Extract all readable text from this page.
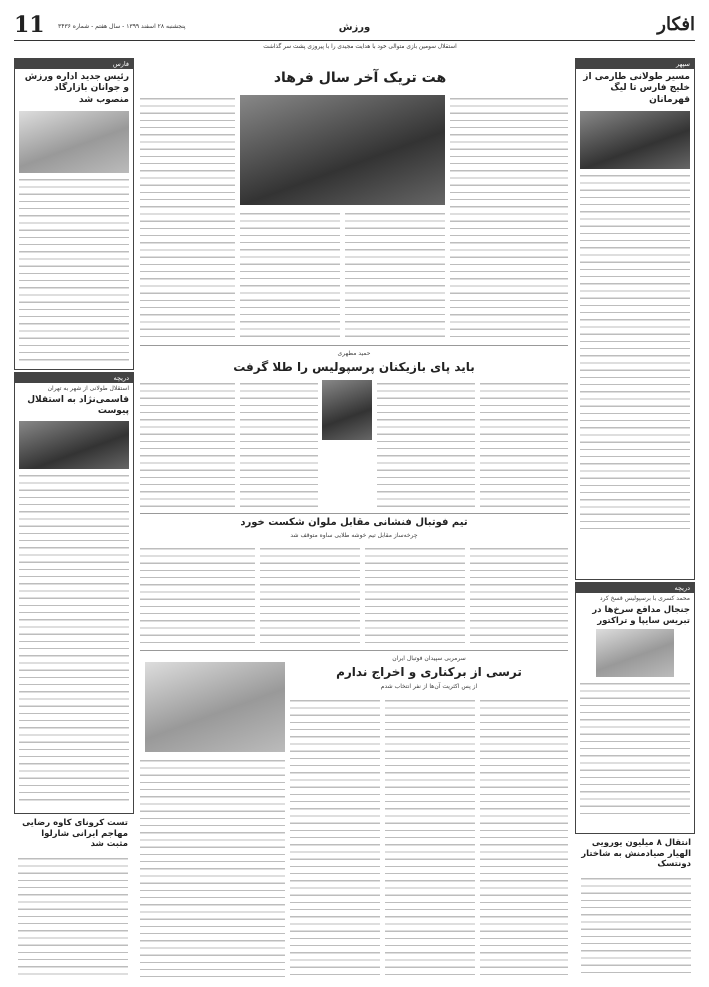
افکار
ورزش
پنجشنبه ۲۸ اسفند ۱۳۹۹ - سال هفتم - شماره ۳۴۳۶
11
استقلال سومین بازی متوالی خود با هدایت مجیدی را با پیروزی پشت سر گذاشت
سپهر
مسیر طولانی طارمی از خلیج فارس تا لیگ قهرمانان
دریچه
محمد کسری با برسپولیس قسخ کرد
جنجال مدافع سرخ‌ها در تبریس سایپا و تراکتور
انتقال ۸ میلیون یورویی الهیار صیادمنش به شاختار دونتسک
فارس
رئیس جدید اداره ورزش و جوانان بازارگاد منصوب شد
دریچه
استقلال طولانی از شهر به تهران
قاسمی‌نژاد به استقلال پیوست
تست کرونای کاوه رضایی مهاجم ایرانی شارلوا مثبت شد
هت تریک آخر سال فرهاد
حمید مطهری
باید پای بازیکنان پرسپولیس را طلا گرفت
تیم فوتبال فنشانی مقابل ملوان شکست خورد
چرخه‌ساز مقابل تیم خوشه طلایی ساوه متوقف شد
سرمربی سپیدان فوتبال ایران
ترسی از برکناری و اخراج ندارم
از پس اکثریت آن‌ها از نفر انتخاب شدم
